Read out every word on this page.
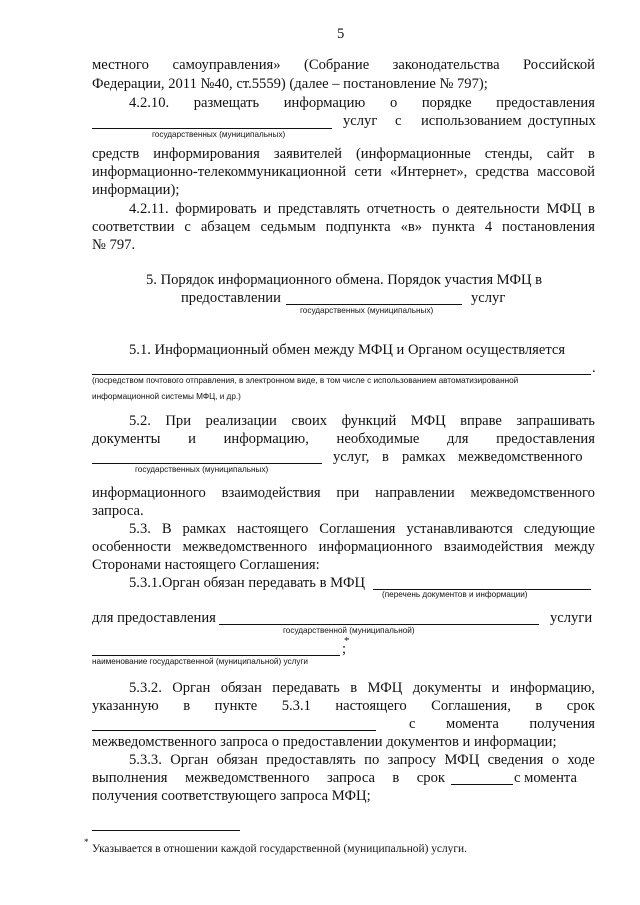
5
местного самоуправления» (Собрание законодательства Российской
Федерации, 2011 №40, ст.5559) (далее – постановление № 797);
4.2.10. размещать информацию о порядке предоставления
услуг с использованием доступных
государственных (муниципальных)
средств информирования заявителей (информационные стенды, сайт в
информационно-телекоммуникационной сети «Интернет», средства массовой
информации);
4.2.11. формировать и представлять отчетность о деятельности МФЦ в
соответствии с абзацем седьмым подпункта «в» пункта 4 постановления
№ 797.
5. Порядок информационного обмена. Порядок участия МФЦ в
предоставлении	услуг
государственных (муниципальных)
5.1. Информационный обмен между МФЦ и Органом осуществляется
.
(посредством почтового отправления, в электронном виде, в том числе с использованием автоматизированной
информационной системы МФЦ, и др.)
5.2. При реализации своих функций МФЦ вправе запрашивать
документы и информацию, необходимые для предоставления
услуг, в рамках межведомственного
государственных (муниципальных)
информационного взаимодействия при направлении межведомственного
запроса.
5.3. В рамках настоящего Соглашения устанавливаются следующие
особенности межведомственного информационного взаимодействия между
Сторонами настоящего Соглашения:
5.3.1.Орган обязан передавать в МФЦ
(перечень документов и информации)
для предоставления	услуги
государственной (муниципальной)
*
;
наименование государственной (муниципальной) услуги
5.3.2. Орган обязан передавать в МФЦ документы и информацию,
указанную в пункте 5.3.1 настоящего Соглашения, в срок
с момента получения
межведомственного запроса о предоставлении документов и информации;
5.3.3. Орган обязан предоставлять по запросу МФЦ сведения о ходе
выполнения межведомственного запроса в срок	с момента
получения соответствующего запроса МФЦ;
*
Указывается в отношении каждой государственной (муниципальной) услуги.
